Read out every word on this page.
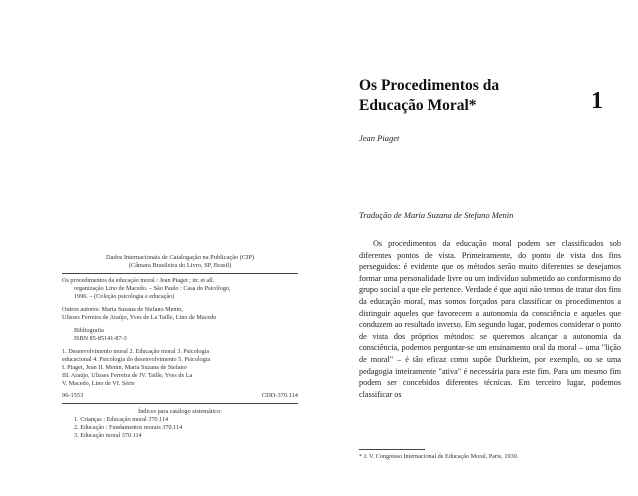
Dados Internacionais de Catalogação na Publicação (CIP)

(Câmara Brasileira do Livro, SP, Brasil)

Os procedimentos da educação moral / Jean Piaget ; in: et all.

organização Lino de Macedo. – São Paulo : Casa do Psicólogo,

1996. – (Coleção psicologia e educação)

Outros autores: Maria Suzana de Stefano Menin,

Ulisses Ferreira de Araújo, Yves de La Taille, Lino de Macedo

Bibliografia

ISBN 85-85141-87-3

1. Desenvolvimento moral 2. Educação moral 3. Psicologia

educacional 4. Psicologia do desenvolvimento 5. Psicologia

I. Piaget, Jean II. Menin, Maria Suzana de Stefano

III. Araújo, Ulisses Ferreira de IV. Taille, Yves de La

V. Macedo, Lino de VI. Série

96-1553	CDD-370.114

Índices para catálogo sistemático:

1. Crianças : Educação moral 370.114

2. Educação : Fundamentos morais 370.114

3. Educação moral 370.114

Os Procedimentos da
Educação Moral*	1
Jean Piaget
Tradução de Maria Suzana de Stefano Menin

Os procedimentos da educação moral podem ser classificados sob diferentes pontos de vista. Primeiramente, do ponto de vista dos fins perseguidos: é evidente que os métodos serão muito diferentes se desejamos formar uma personalidade livre ou um indivíduo submetido ao conformismo do grupo social a que ele pertence. Verdade é que aqui não temos de tratar dos fins da educação moral, mas somos forçados para classificar os procedimentos a distinguir aqueles que favorecem a autonomia da consciência e aqueles que conduzem ao resultado inverso. Em segundo lugar, podemos considerar o ponto de vista dos próprios métodos: se queremos alcançar a autonomia da consciência, podemos perguntar-se um ensinamento oral da moral – uma "lição de moral" – é tão eficaz como supõe Durkheim, por exemplo, ou se uma pedagogia inteiramente "ativa" é necessária para este fim. Para um mesmo fim podem ser concebidos diferentes técnicas. Em terceiro lugar, podemos classificar os

* J. V. Congresso Internacional de Educação Moral, Paris, 1930.
